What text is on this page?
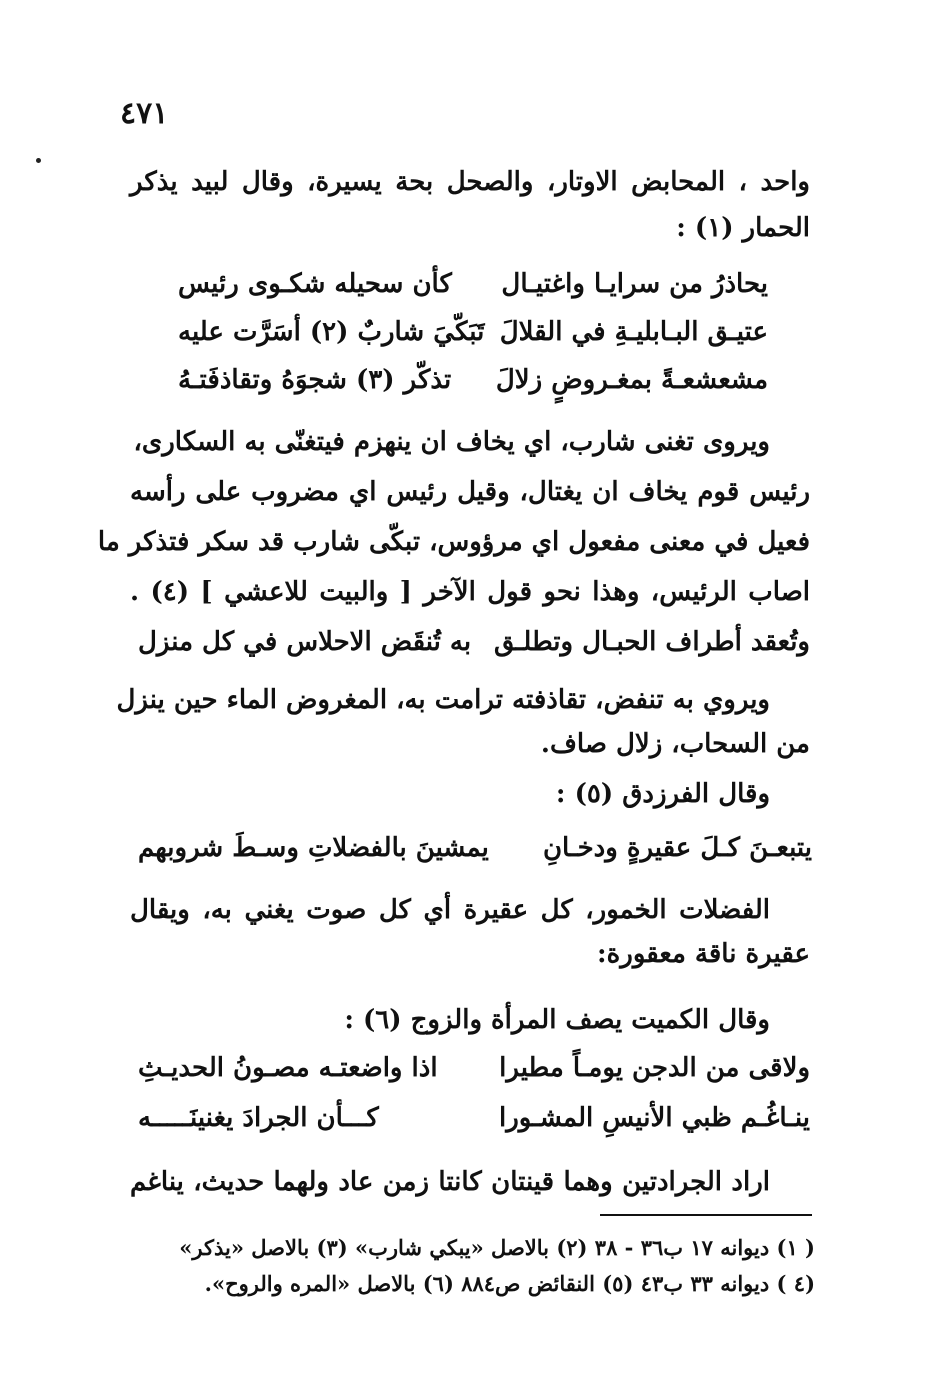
٤٧١
واحد ، المحابض الاوتار، والصحل بحة يسيرة، وقال لبيد يذكر
الحمار (١) :
كأن سحيله شكـوى رئيس يحاذرُ من سرايـا واغتيـال
تَبَكّيَ شاربٌ (٢) أسَرَّت عليه عتيـق البـابليـةِ في القلالَ
تذكّر (٣) شجوَهُ وتقاذفَتـهُ مشعشعـةً بمغـروضٍ زلالَ
ويروى تغنى شارب، اي يخاف ان ينهزم فيتغنّى به السكارى،
رئيس قوم يخاف ان يغتال، وقيل رئيس اي مضروب على رأسه
فعيل في معنى مفعول اي مرؤوس، تبكّى شارب قد سكر فتذكر ما
اصاب الرئيس، وهذا نحو قول الآخر [ والبيت للاعشي ] (٤) .
به تُنقَض الاحلاس في كل منزل وتُعقد أطراف الحبـال وتطلـق
ويروي به تنفض، تقاذفته ترامت به، المغروض الماء حين ينزل
من السحاب، زلال صاف.
وقال الفرزدق (٥) :
يمشينَ بالفضلاتِ وسـطَ شروبهم يتبعـنَ كـلَ عقيرةٍ ودخـانِ
الفضلات الخمور، كل عقيرة أي كل صوت يغني به، ويقال
عقيرة ناقة معقورة:
وقال الكميت يصف المرأة والزوج (٦) :
اذا واضعتـه مصـونُ الحديـثِ ولاقى من الدجن يومـاً مطيرا
كـــأن الجرادَ يغنينَـــــه	ينـاغُـم ظبي الأنيسِ المشـورا
اراد الجرادتين وهما قينتان كانتا زمن عاد ولهما حديث، يناغم
( ١) ديوانه ١٧ ب٣٦ - ٣٨ (٢) بالاصل «يبكي شارب» (٣) بالاصل «يذكر»
(٤ ) ديوانه ٣٣ ب٤٣ (٥) النقائض ص٨٨٤ (٦) بالاصل «المره والروح».
